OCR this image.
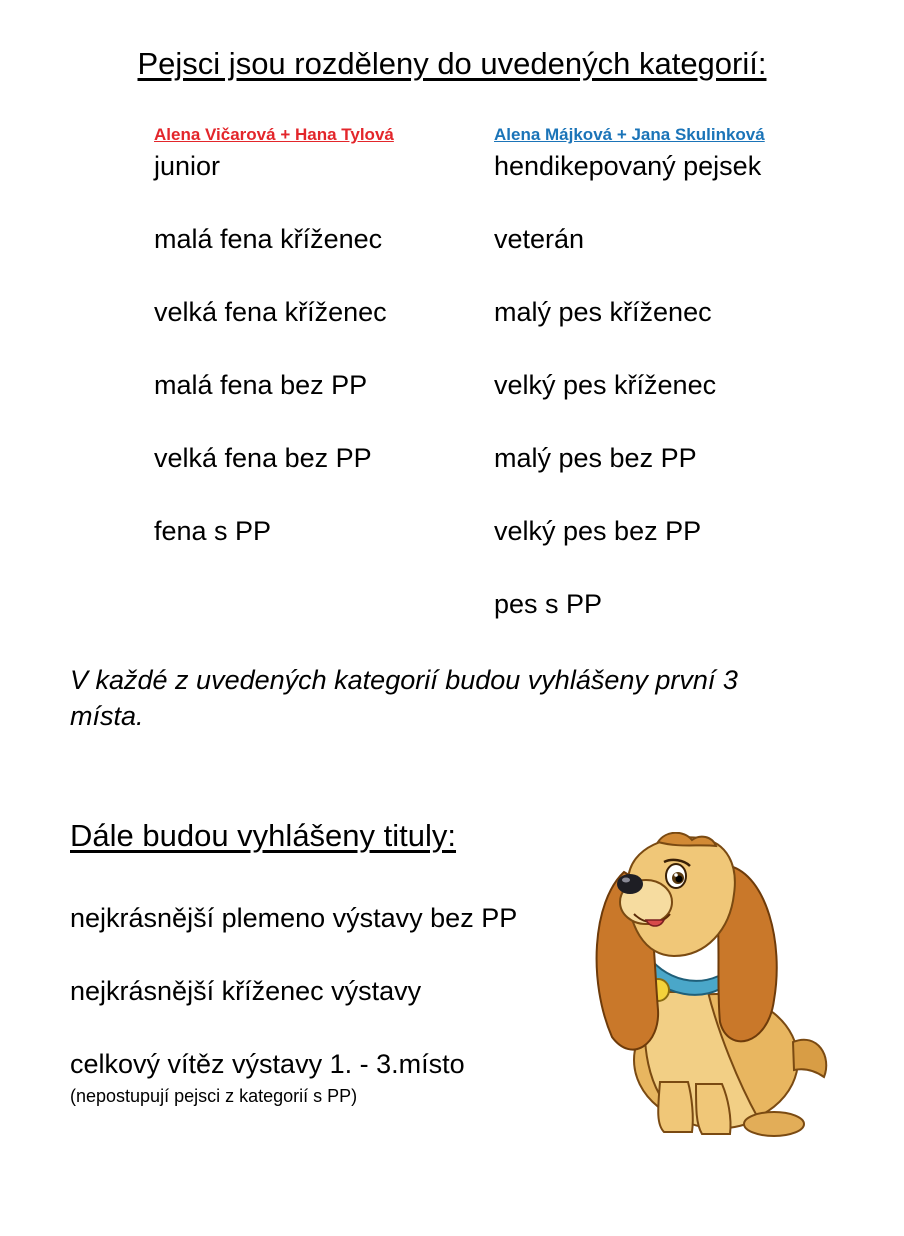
Pejsci jsou rozděleny do uvedených kategorií:
Alena Vičarová + Hana Tylová
junior
malá fena kříženec
velká fena kříženec
malá fena bez PP
velká fena bez PP
fena s PP
Alena Májková + Jana Skulinková
hendikepovaný pejsek
veterán
malý pes kříženec
velký pes kříženec
malý pes bez PP
velký pes bez PP
pes s PP
V každé z uvedených kategorií budou vyhlášeny první 3 místa.
Dále budou vyhlášeny tituly:
nejkrásnější plemeno výstavy bez PP
nejkrásnější kříženec výstavy
celkový vítěz výstavy 1. - 3.místo
(nepostupují pejsci z kategorií s PP)
